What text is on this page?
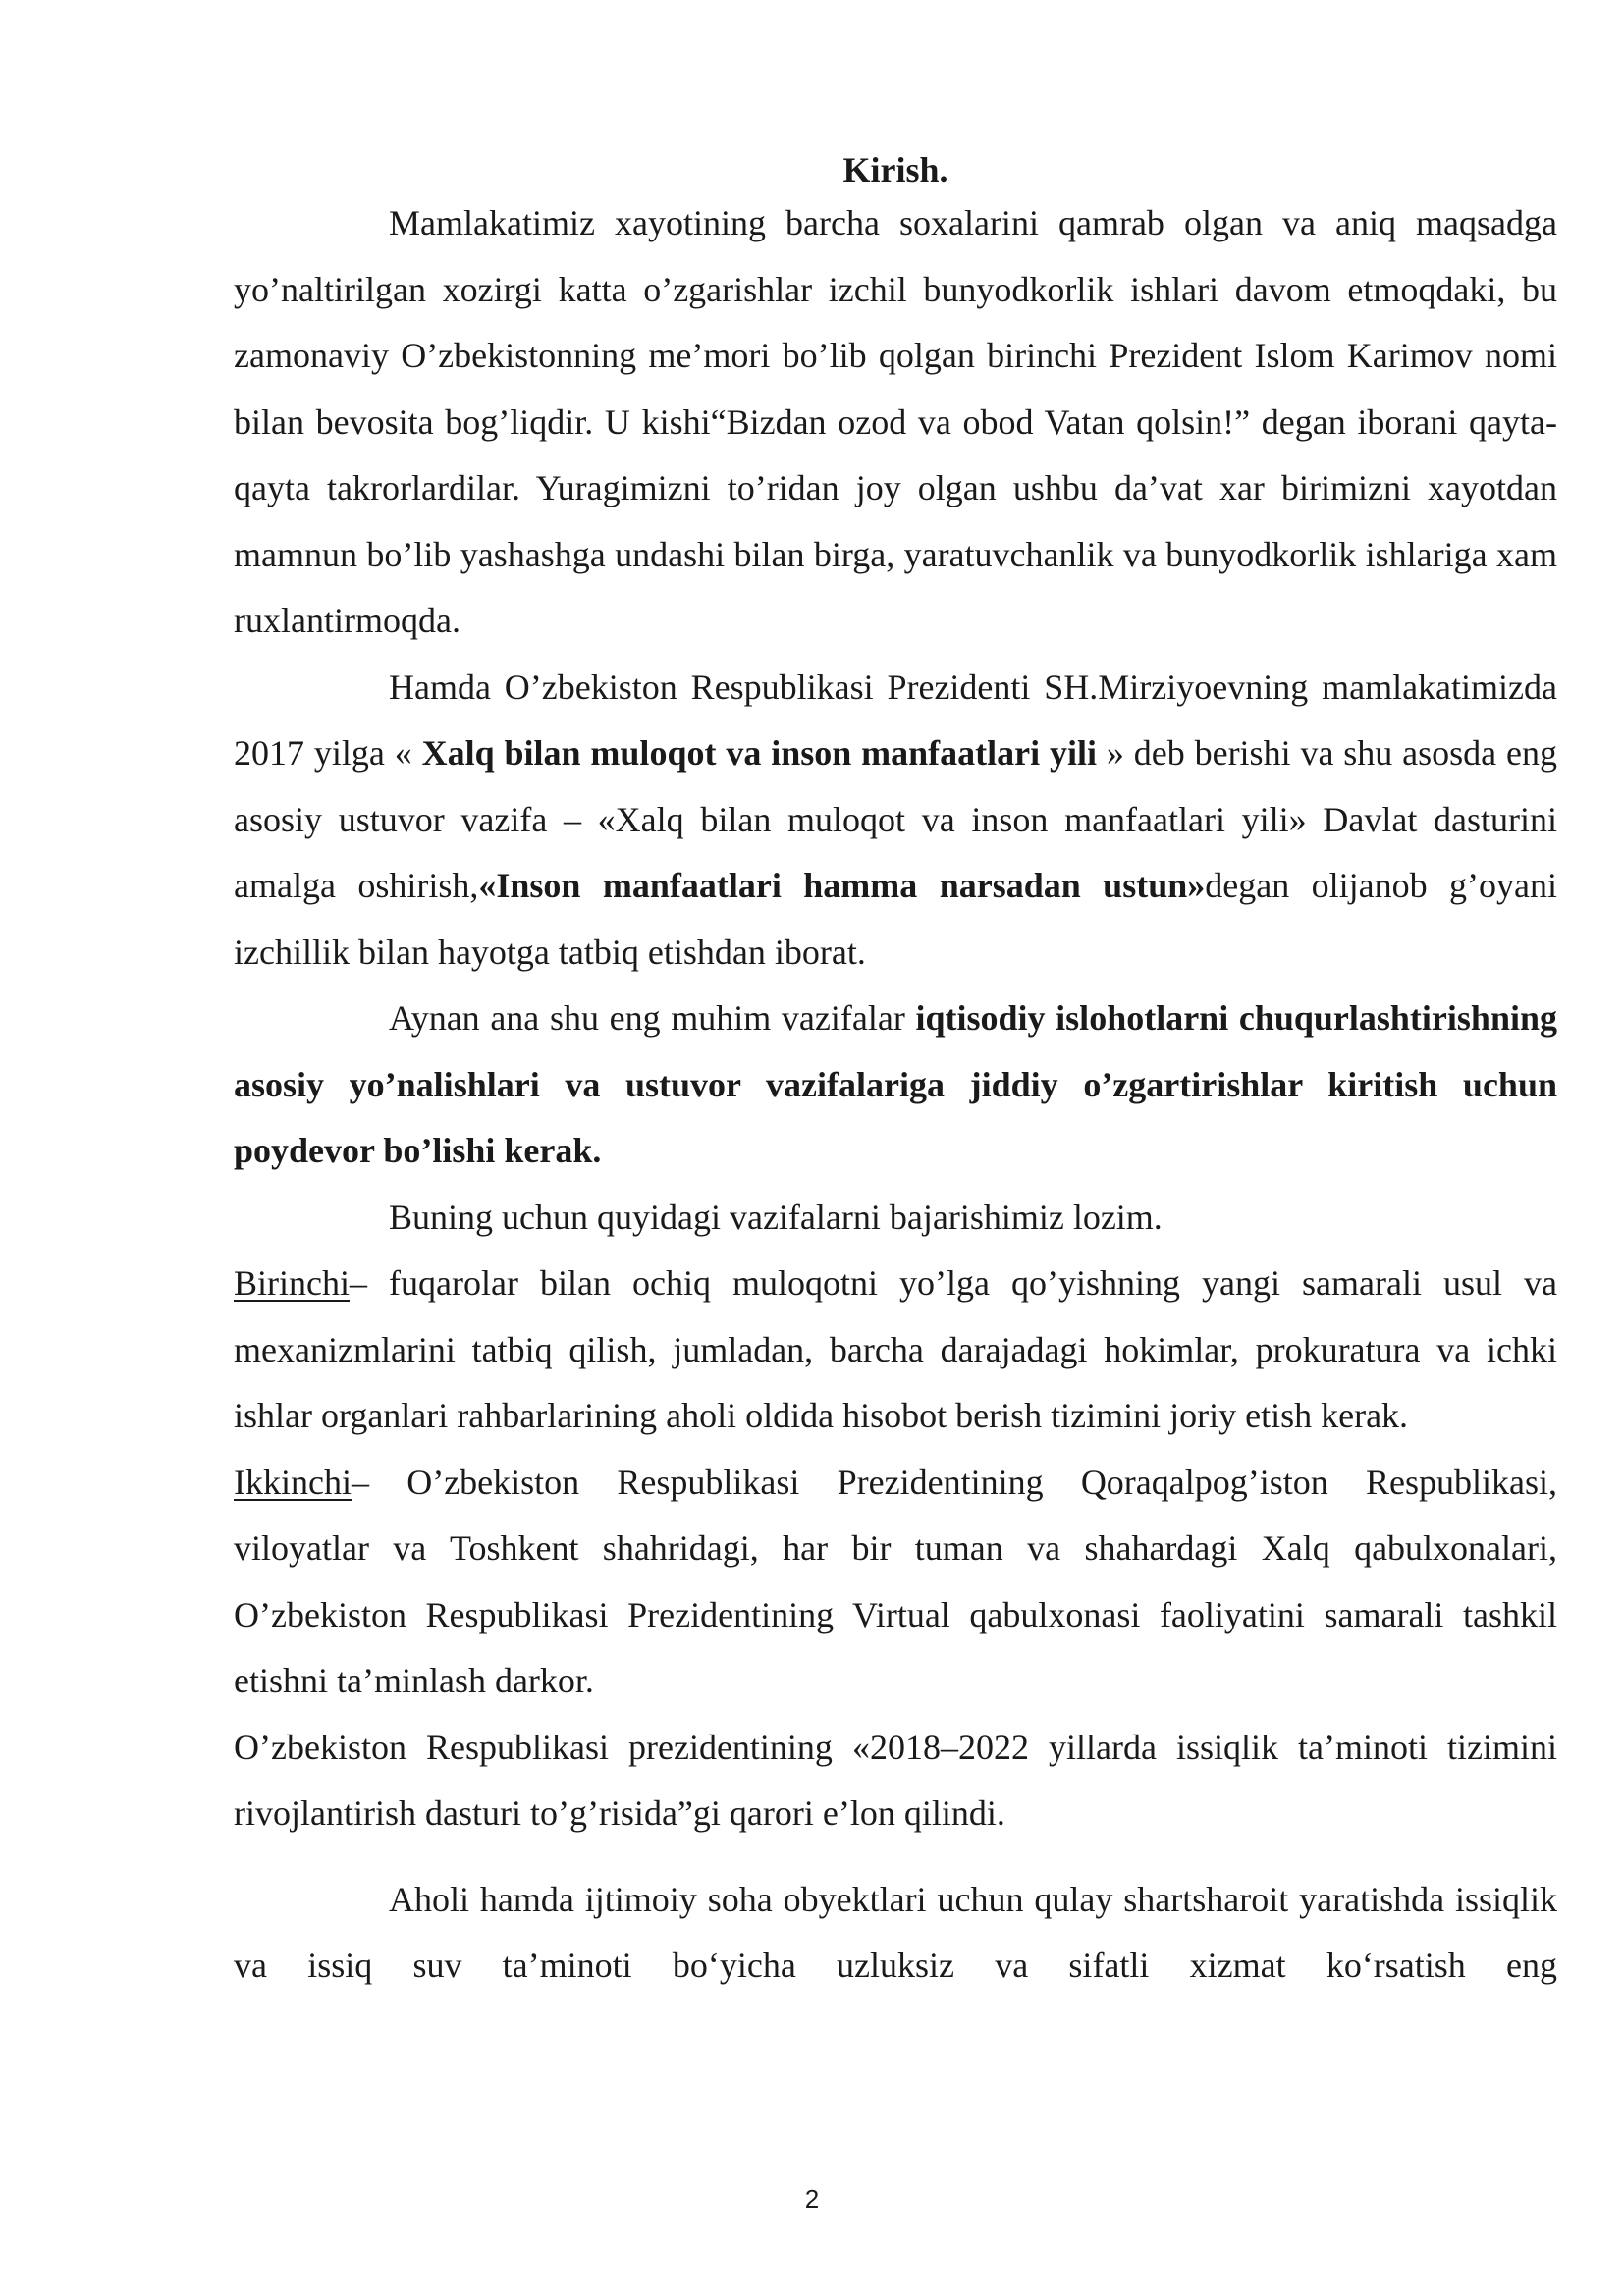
Kirish.

Mamlakatimiz xayotining barcha soxalarini qamrab olgan va aniq maqsadga yo’naltirilgan xozirgi katta o’zgarishlar izchil bunyodkorlik ishlari davom etmoqdaki, bu zamonaviy O’zbekistonning me’mori bo’lib qolgan birinchi Prezident Islom Karimov nomi bilan bevosita bog’liqdir. U kishi“Bizdan ozod va obod Vatan qolsin!” degan iborani qayta-qayta takrorlardilar. Yuragimizni to’ridan joy olgan ushbu da’vat xar birimizni xayotdan mamnun bo’lib yashashga undashi bilan birga, yaratuvchanlik va bunyodkorlik ishlariga xam ruxlantirmoqda.

Hamda O’zbekiston Respublikasi Prezidenti SH.Mirziyoevning mamlakatimizda 2017 yilga « Xalq bilan muloqot va inson manfaatlari yili » deb berishi va shu asosda eng asosiy ustuvor vazifa – «Xalq bilan muloqot va inson manfaatlari yili» Davlat dasturini amalga oshirish,«Inson manfaatlari hamma narsadan ustun»degan olijanob g’oyani izchillik bilan hayotga tatbiq etishdan iborat.

Aynan ana shu eng muhim vazifalar iqtisodiy islohotlarni chuqurlashtirishning asosiy yo’nalishlari va ustuvor vazifalariga jiddiy o’zgartirishlar kiritish uchun poydevor bo’lishi kerak.

Buning uchun quyidagi vazifalarni bajarishimiz lozim.

Birinchi– fuqarolar bilan ochiq muloqotni yo’lga qo’yishning yangi samarali usul va mexanizmlarini tatbiq qilish, jumladan, barcha darajadagi hokimlar, prokuratura va ichki ishlar organlari rahbarlarining aholi oldida hisobot berish tizimini joriy etish kerak.

Ikkinchi– O’zbekiston Respublikasi Prezidentining Qoraqalpog’iston Respublikasi, viloyatlar va Toshkent shahridagi, har bir tuman va shahardagi Xalq qabulxonalari, O’zbekiston Respublikasi Prezidentining Virtual qabulxonasi faoliyatini samarali tashkil etishni ta’minlash darkor.

O’zbekiston Respublikasi prezidentining «2018–2022 yillarda issiqlik ta’minoti tizimini rivojlantirish dasturi to’g’risida”gi qarori e’lon qilindi.

Aholi hamda ijtimoiy soha obyektlari uchun qulay shartsharoit yaratishda issiqlik va issiq suv ta’minoti bo‘yicha uzluksiz va sifatli xizmat ko‘rsatish eng

2
